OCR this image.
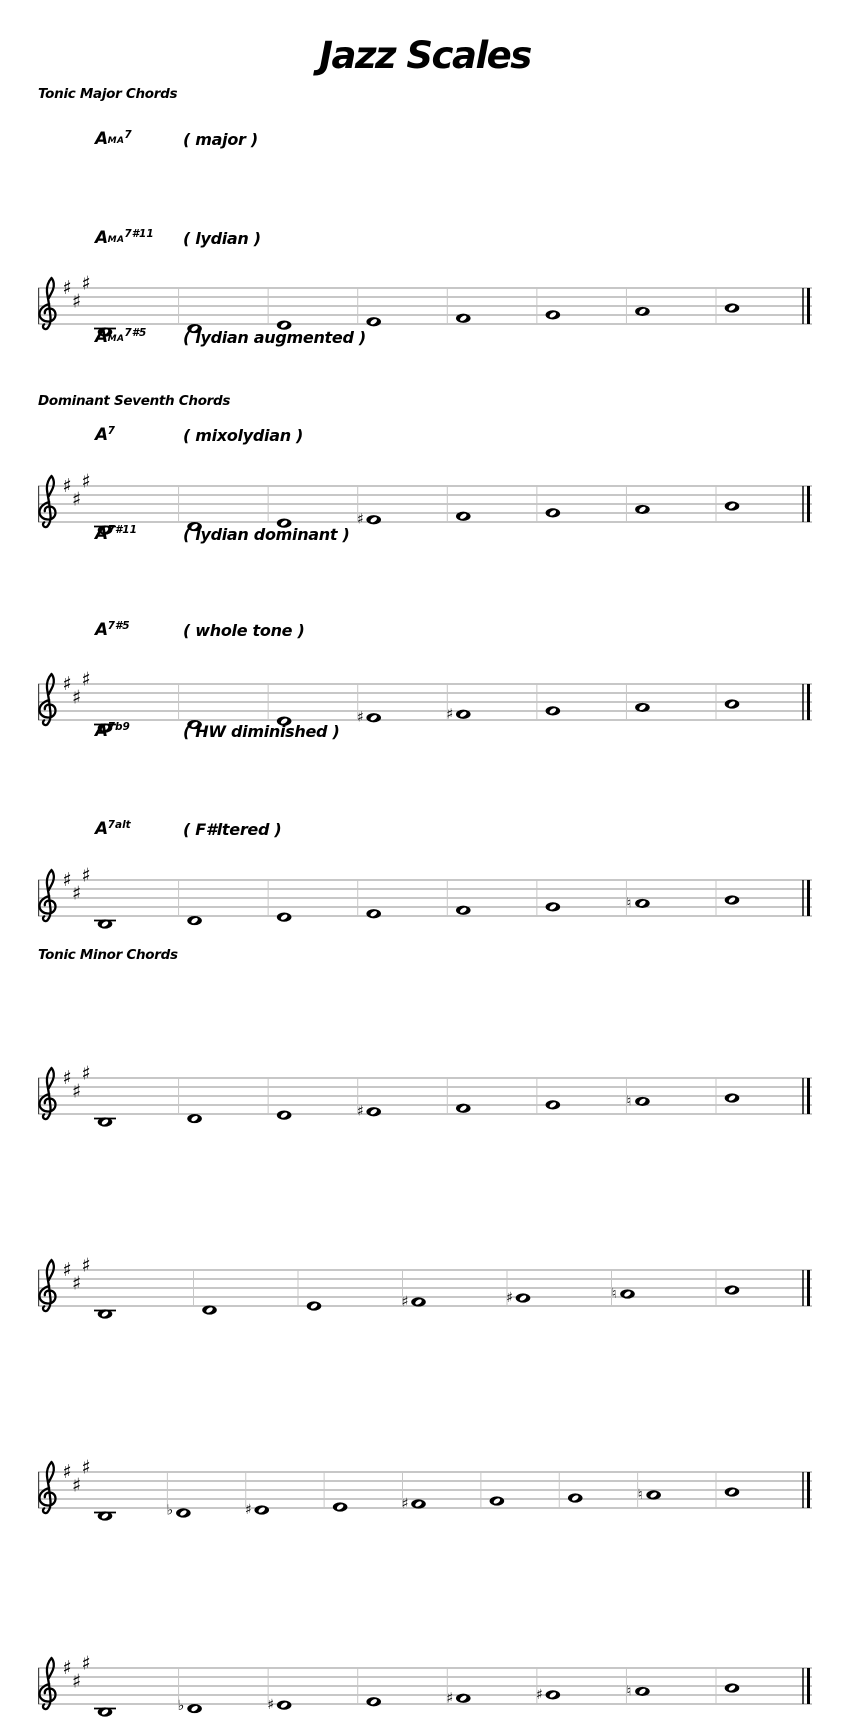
Jazz Scales
Tonic Major Chords
Dominant Seventh Chords
Tonic Minor Chords
AMA$^7$	( major )
♯
♯
♯
$AMA^{7\#11}$ ( lydian )
♯
♯
♯
♯
$AMA^{7\#5}$ ( lydian augmented )
♯
♯
♯
♯	♯
$A^7$	( mixolydian )
♯
♯
♯
♮
$A^{7\#11}$	( lydian dominant )
♯
♯
♯
♯
♮
$A^{7\#5}$	( whole tone )
♯
♯
♯
♯	♯	♮
$A^{7b9}$	( HW diminished )
♯
♯
♯
♭	♯	♯
♮
$A^{7alt}$	( F#ltered )
♯
♯
♯
♭	♯	♯	♯	♮
